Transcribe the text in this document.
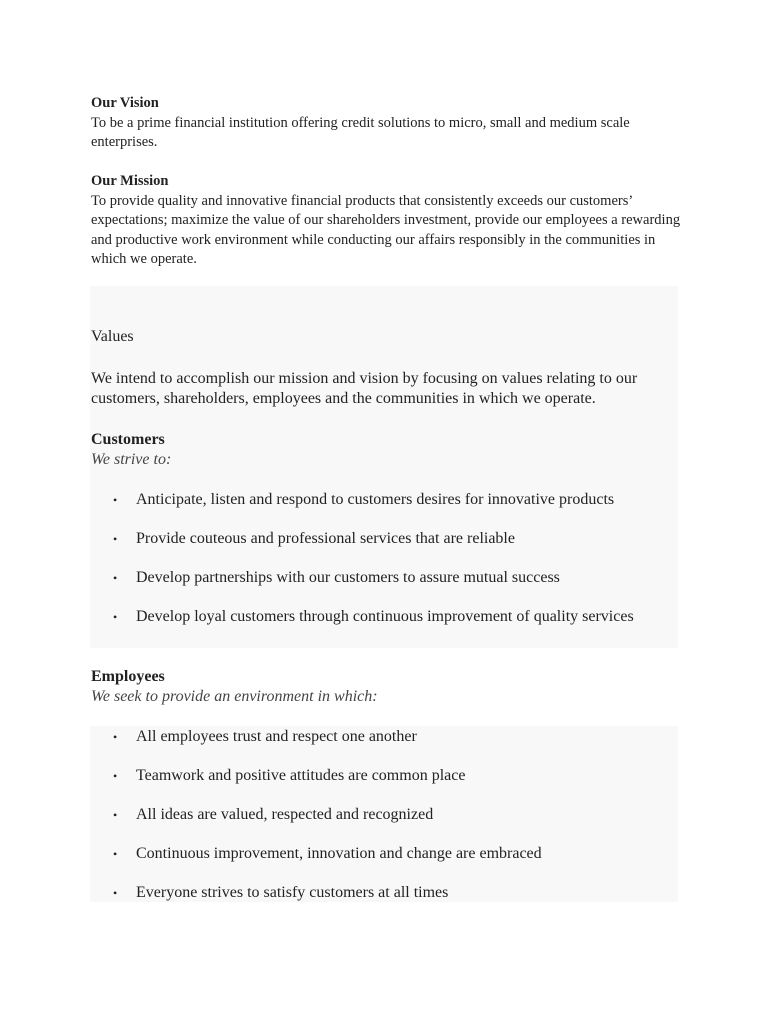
Our Vision
To be a prime financial institution offering credit solutions to micro, small and medium scale enterprises.
Our Mission
To provide quality and innovative financial products that consistently exceeds our customers’ expectations; maximize the value of our shareholders investment, provide our employees a rewarding and productive work environment while conducting our affairs responsibly in the communities in which we operate.
Values
We intend to accomplish our mission and vision by focusing on values relating to our customers, shareholders, employees and the communities in which we operate.
Customers
We strive to:
• Anticipate, listen and respond to customers desires for innovative products
• Provide couteous and professional services that are reliable
• Develop partnerships with our customers to assure mutual success
• Develop loyal customers through continuous improvement of quality services
Employees
We seek to provide an environment in which:
• All employees trust and respect one another
• Teamwork and positive attitudes are common place
• All ideas are valued, respected and recognized
• Continuous improvement, innovation and change are embraced
• Everyone strives to satisfy customers at all times
